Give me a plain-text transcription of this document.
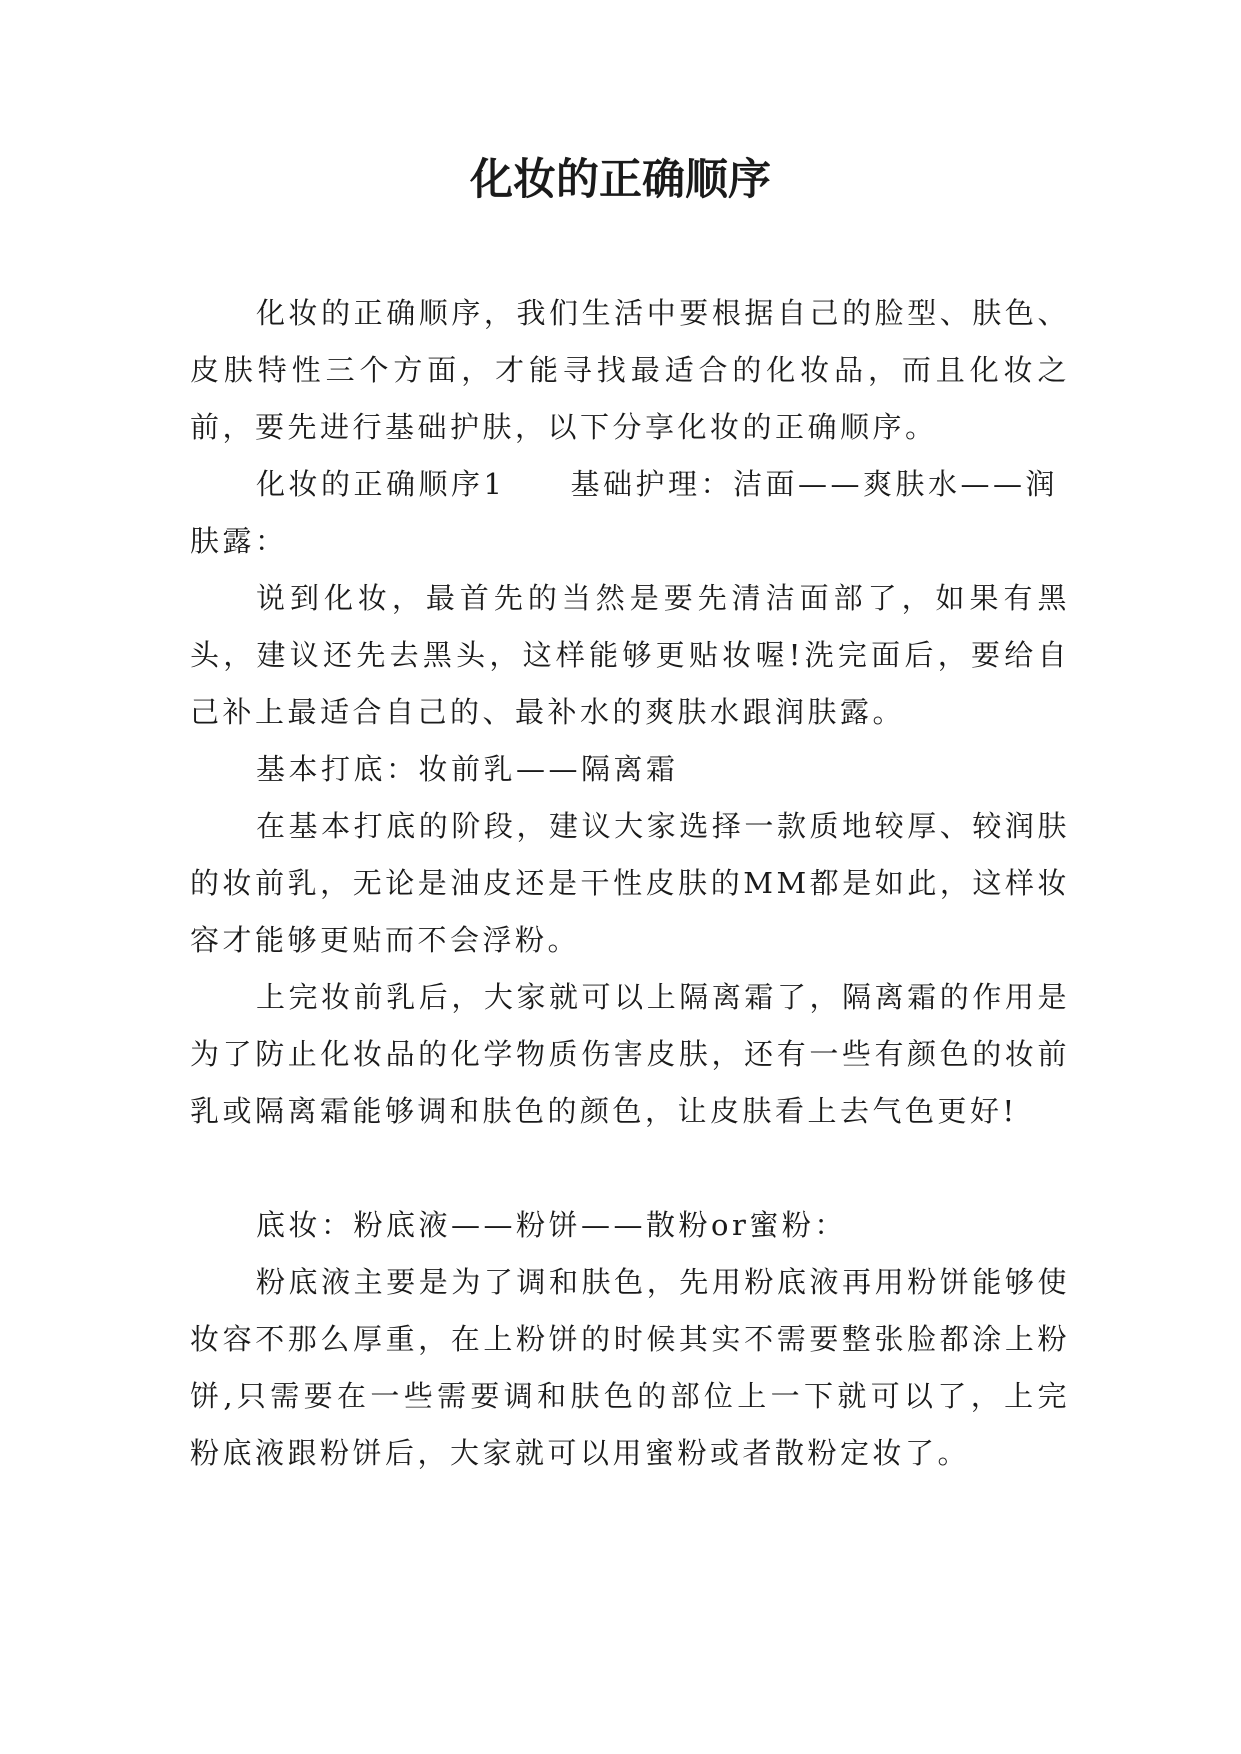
化妆的正确顺序

化妆的正确顺序，我们生活中要根据自己的脸型、肤色、皮肤特性三个方面，才能寻找最适合的化妆品，而且化妆之前，要先进行基础护肤，以下分享化妆的正确顺序。

化妆的正确顺序1　　基础护理：洁面——爽肤水——润肤露：

说到化妆，最首先的当然是要先清洁面部了，如果有黑头，建议还先去黑头，这样能够更贴妆喔!洗完面后，要给自己补上最适合自己的、最补水的爽肤水跟润肤露。

基本打底：妆前乳——隔离霜

在基本打底的阶段，建议大家选择一款质地较厚、较润肤的妆前乳，无论是油皮还是干性皮肤的MM都是如此，这样妆容才能够更贴而不会浮粉。

上完妆前乳后，大家就可以上隔离霜了，隔离霜的作用是为了防止化妆品的化学物质伤害皮肤，还有一些有颜色的妆前乳或隔离霜能够调和肤色的颜色，让皮肤看上去气色更好!

底妆：粉底液——粉饼——散粉or蜜粉：

粉底液主要是为了调和肤色，先用粉底液再用粉饼能够使妆容不那么厚重，在上粉饼的时候其实不需要整张脸都涂上粉饼,只需要在一些需要调和肤色的部位上一下就可以了，上完粉底液跟粉饼后，大家就可以用蜜粉或者散粉定妆了。
